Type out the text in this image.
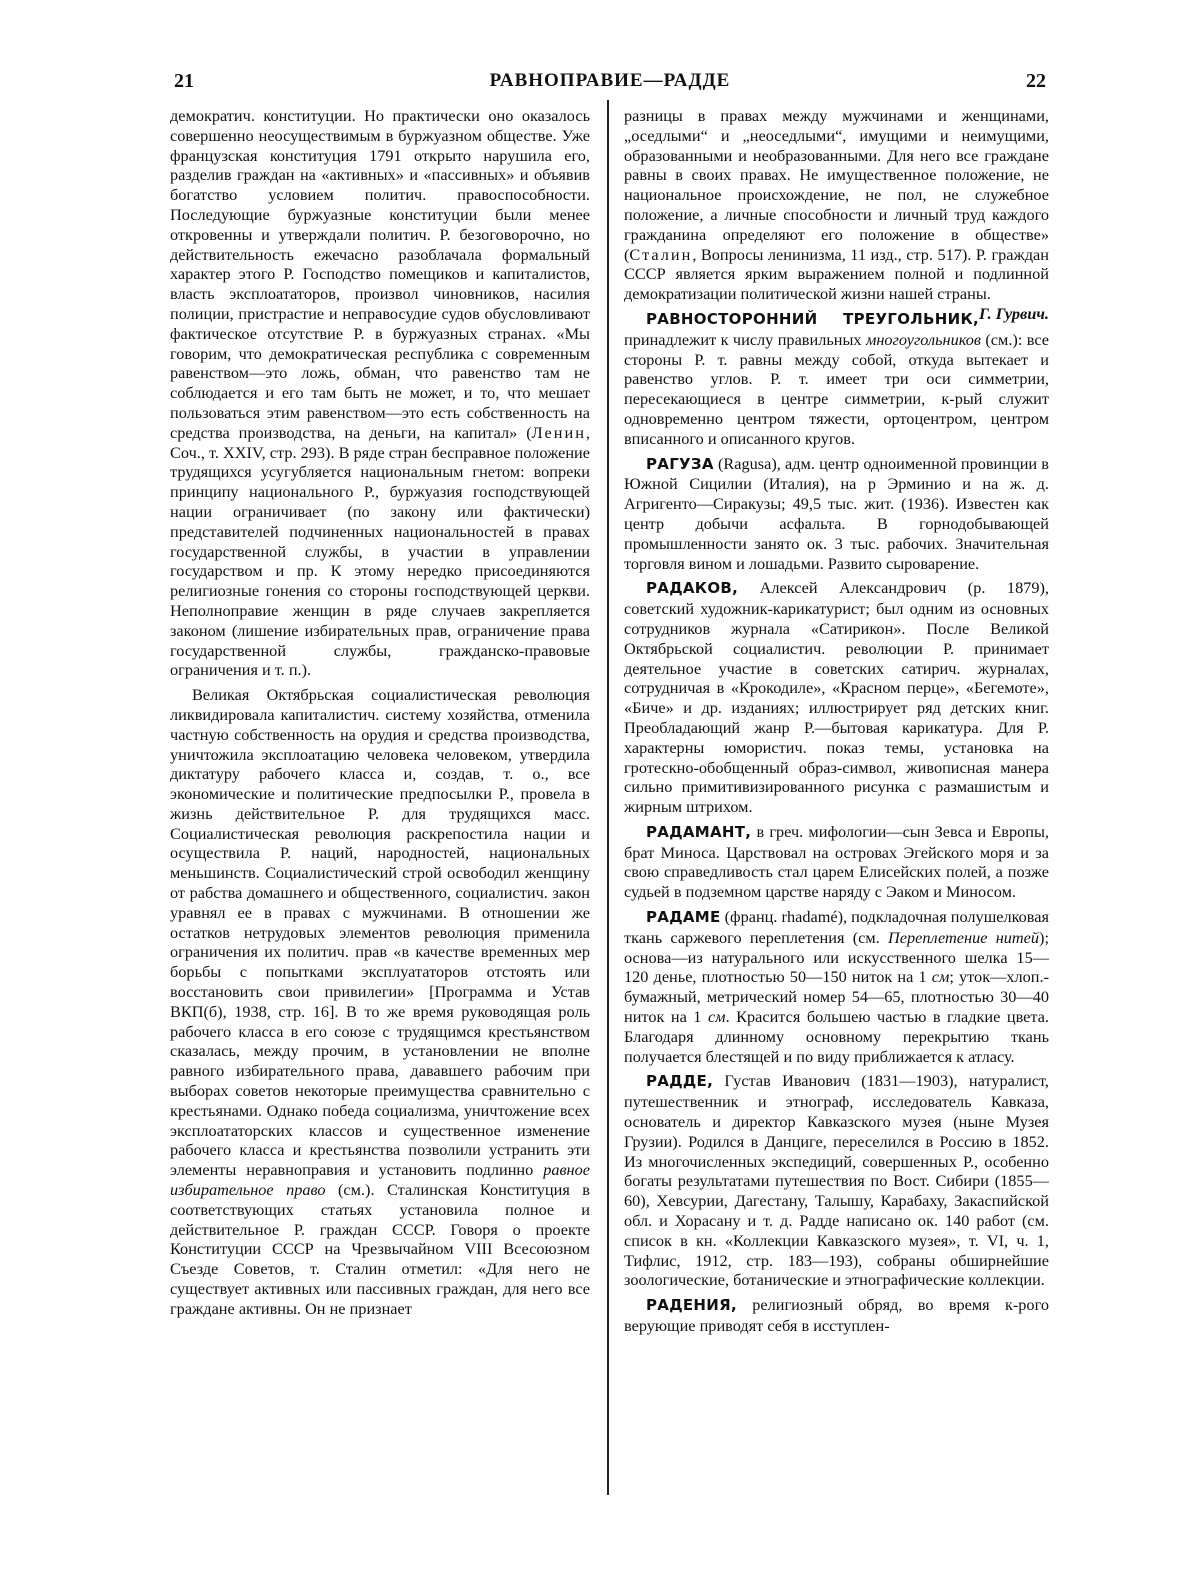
21	РАВНОПРАВИЕ—РАДДЕ	22

демократич. конституции. Но практически оно оказалось совершенно неосуществимым в буржуазном обществе. Уже французская конституция 1791 открыто нарушила его, разделив граждан на «активных» и «пассивных» и объявив богатство условием политич. правоспособности. Последующие буржуазные конституции были менее откровенны и утверждали политич. Р. безоговорочно, но действительность ежечасно разоблачала формальный характер этого Р. Господство помещиков и капиталистов, власть эксплоататоров, произвол чиновников, насилия полиции, пристрастие и неправосудие судов обусловливают фактическое отсутствие Р. в буржуазных странах. «Мы говорим, что демократическая республика с современным равенством—это ложь, обман, что равенство там не соблюдается и его там быть не может, и то, что мешает пользоваться этим равенством—это есть собственность на средства производства, на деньги, на капитал» (Ленин, Соч., т. XXIV, стр. 293). В ряде стран бесправное положение трудящихся усугубляется национальным гнетом: вопреки принципу национального Р., буржуазия господствующей нации ограничивает (по закону или фактически) представителей подчиненных национальностей в правах государственной службы, в участии в управлении государством и пр. К этому нередко присоединяются религиозные гонения со стороны господствующей церкви. Неполноправие женщин в ряде случаев закрепляется законом (лишение избирательных прав, ограничение права государственной службы, гражданско-правовые ограничения и т. п.).

Великая Октябрьская социалистическая революция ликвидировала капиталистич. систему хозяйства, отменила частную собственность на орудия и средства производства, уничтожила эксплоатацию человека человеком, утвердила диктатуру рабочего класса и, создав, т. о., все экономические и политические предпосылки Р., провела в жизнь действительное Р. для трудящихся масс. Социалистическая революция раскрепостила нации и осуществила Р. наций, народностей, национальных меньшинств. Социалистический строй освободил женщину от рабства домашнего и общественного, социалистич. закон уравнял ее в правах с мужчинами. В отношении же остатков нетрудовых элементов революция применила ограничения их политич. прав «в качестве временных мер борьбы с попытками эксплуататоров отстоять или восстановить свои привилегии» [Программа и Устав ВКП(б), 1938, стр. 16]. В то же время руководящая роль рабочего класса в его союзе с трудящимся крестьянством сказалась, между прочим, в установлении не вполне равного избирательного права, дававшего рабочим при выборах советов некоторые преимущества сравнительно с крестьянами. Однако победа социализма, уничтожение всех эксплоататорских классов и существенное изменение рабочего класса и крестьянства позволили устранить эти элементы неравноправия и установить подлинно равное избирательное право (см.). Сталинская Конституция в соответствующих статьях установила полное и действительное Р. граждан СССР. Говоря о проекте Конституции СССР на Чрезвычайном VIII Всесоюзном Съезде Советов, т. Сталин отметил: «Для него не существует активных или пассивных граждан, для него все граждане активны. Он не признает

разницы в правах между мужчинами и женщинами, „оседлыми“ и „неоседлыми“, имущими и неимущими, образованными и необразованными. Для него все граждане равны в своих правах. Не имущественное положение, не национальное происхождение, не пол, не служебное положение, а личные способности и личный труд каждого гражданина определяют его положение в обществе» (Сталин, Вопросы ленинизма, 11 изд., стр. 517). Р. граждан СССР является ярким выражением полной и подлинной демократизации политической жизни нашей страны.
Г. Гурвич.

РАВНОСТОРОННИЙ ТРЕУГОЛЬНИК, принадлежит к числу правильных многоугольников (см.): все стороны Р. т. равны между собой, откуда вытекает и равенство углов. Р. т. имеет три оси симметрии, пересекающиеся в центре симметрии, к-рый служит одновременно центром тяжести, ортоцентром, центром вписанного и описанного кругов.

РАГУЗА (Ragusa), адм. центр одноименной провинции в Южной Сицилии (Италия), на р Эрминио и на ж. д. Агригенто—Сиракузы; 49,5 тыс. жит. (1936). Известен как центр добычи асфальта. В горнодобывающей промышленности занято ок. 3 тыс. рабочих. Значительная торговля вином и лошадьми. Развито сыроварение.

РАДАКОВ, Алексей Александрович (р. 1879), советский художник-карикатурист; был одним из основных сотрудников журнала «Сатирикон». После Великой Октябрьской социалистич. революции Р. принимает деятельное участие в советских сатирич. журналах, сотрудничая в «Крокодиле», «Красном перце», «Бегемоте», «Биче» и др. изданиях; иллюстрирует ряд детских книг. Преобладающий жанр Р.—бытовая карикатура. Для Р. характерны юмористич. показ темы, установка на гротескно-обобщенный образ-символ, живописная манера сильно примитивизированного рисунка с размашистым и жирным штрихом.

РАДАМАНТ, в греч. мифологии—сын Зевса и Европы, брат Миноса. Царствовал на островах Эгейского моря и за свою справедливость стал царем Елисейских полей, а позже судьей в подземном царстве наряду с Эаком и Миносом.

РАДАМЕ (франц. rhadamé), подкладочная полушелковая ткань саржевого переплетения (см. Переплетение нитей); основа—из натурального или искусственного шелка 15—120 денье, плотностью 50—150 ниток на 1 см; уток—хлоп.-бумажный, метрический номер 54—65, плотностью 30—40 ниток на 1 см. Красится большею частью в гладкие цвета. Благодаря длинному основному перекрытию ткань получается блестящей и по виду приближается к атласу.

РАДДЕ, Густав Иванович (1831—1903), натуралист, путешественник и этнограф, исследователь Кавказа, основатель и директор Кавказского музея (ныне Музея Грузии). Родился в Данциге, переселился в Россию в 1852. Из многочисленных экспедиций, совершенных Р., особенно богаты результатами путешествия по Вост. Сибири (1855—60), Хевсурии, Дагестану, Талышу, Карабаху, Закаспийской обл. и Хорасану и т. д. Радде написано ок. 140 работ (см. список в кн. «Коллекции Кавказского музея», т. VI, ч. 1, Тифлис, 1912, стр. 183—193), собраны обширнейшие зоологические, ботанические и этнографические коллекции.

РАДЕНИЯ, религиозный обряд, во время к-рого верующие приводят себя в исступлен-
